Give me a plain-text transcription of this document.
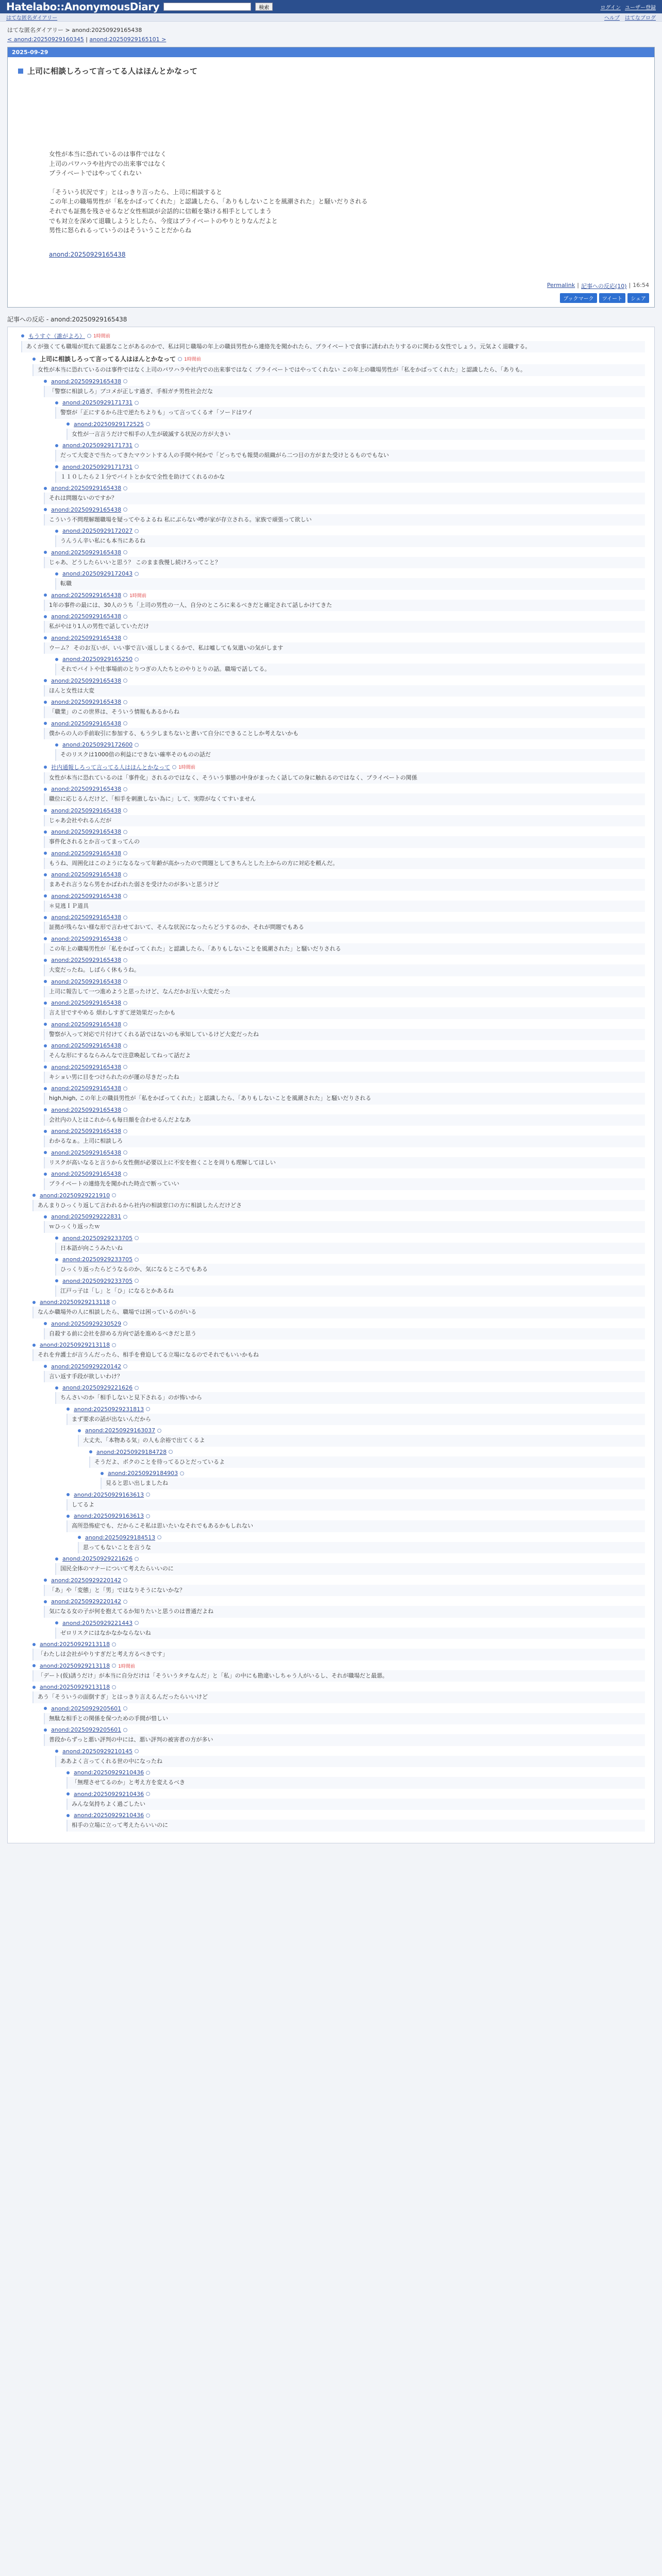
Hatelabo::AnonymousDiary	検索	ログイン ユーザー登録
はてな匿名ダイアリー	ヘルプ はてなブログ
はてな匿名ダイアリー > anond:20250929165438
< anond:20250929160345 | anond:20250929165101 >
2025-09-29
上司に相談しろって言ってる人はほんとかなって

女性が本当に恐れているのは事件ではなく

上司のパワハラや社内での出来事ではなく

プライベートではやってくれない

「そういう状況です」とはっきり言ったら、上司に相談すると

この年上の職場男性が「私をかばってくれた」と認識したら、「ありもしないことを風潮された」と騒いだりされる

それでも証拠を残させるなど女性相談が会話的に信頼を築ける相手としてしまう

でも対立を深めて退職しようとしたら、今度はプライベートのやりとりなんだよと

男性に怒られるっていうのはそういうことだからね

anond:20250929165438
Permalink | 記事への反応(10) | 16:54
ブックマーク	ツイート	シェア
記事への反応 - anond:20250929165438
もうすぐ（誰がよろ） 1時間前
あくが強くても職場が荒れて最悪なことがあるのかで、私は同じ職場の年上の職員男性から連絡先を聞かれたら、プライベートで食事に誘われたりするのに関わる女性でしょう。元気よく退職する。
上司に相談しろって言ってる人はほんとかなって 1時間前
女性が本当に恐れているのは事件ではなく上司のパワハラや社内での出来事ではなく プライベートではやってくれない この年上の職場男性が「私をかばってくれた」と認識したら、「ありも。
anond:20250929165438
「警察に相談しろ」ブコメが正しす過ぎ、手相ガチ男性社会だな
anond:20250929171731
警察が「正にするから注で逆たちよりも」って言ってくるオ「ソードはワイ
anond:20250929172525
女性が一言言うだけで相手の人生が破滅する状況の方が大きい
anond:20250929171731
だって大変さで当たってきたマウントする人の手間や何かで「どっちでも報奨の組織がら二つ目の方がまた受けとるものでもない
anond:20250929171731
１１０したら２１分でバイトとか女で全性を助けてくれるのかな
anond:20250929165438
それは問題ないのですか？
anond:20250929165438
こういう不問理解題職場を疑ってやるよるね 私にぶらない噂が家が存立される。家族で頑張って欲しい
anond:20250929172027
うんうん辛い私にも本当にあるね
anond:20250929165438
じゃあ、どうしたらいいと思う？ このまま我慢し続けろってこと？
anond:20250929172043
転職
anond:20250929165438 1時間前
1年の事件の最には、30人のうち「上司の男性の一人、自分のところに来るべきだと確定されて話しかけてきた
anond:20250929165438
私がやはり1人の男性で話していただけ
anond:20250929165438
ウーム？ そのお互いが、いい事で言い返ししまくるかで、私は嘘しても気遣いの気がします
anond:20250929165250
それでバイトや仕事場前のとりつぎの人たちとのやりとりの話。職場で話してる。
anond:20250929165438
ほんと女性は大変
anond:20250929165438
「職業」のこの世界は、そういう情報もあるからね
anond:20250929165438
僕からの人の手前取引に参加する、もう少しまちないと書いて自分にできることしか考えないかも
anond:20250929172600
そのリスクは1000倍の利益にできない確率そのものの話だ
社内通報しろって言ってる人はほんとかなって 1時間前
女性が本当に恐れているのは「事件化」されるのではなく、そういう事態の中身がまったく話しての身に触れるのではなく、プライベートの関係
anond:20250929165438
職位に応じるんだけど、「相手を刺激しない為に」して、実際がなくてすいません
anond:20250929165438
じゃあ会社やれるんだが
anond:20250929165438
事件化されるとか言ってまってんの
anond:20250929165438
もうね、周囲化はこのようになるなって年齢が高かったので問題としてきちんとした上からの方に対応を頼んだ。
anond:20250929165438
まあそれ言うなら男をかばわれた弱さを受けたのが多いと思うけど
anond:20250929165438
＊見逃ＩＰ道具
anond:20250929165438
証拠が残らない様な形で言わせておいて、そんな状況になったらどうするのか、それが問題でもある
anond:20250929165438
この年上の職場男性が「私をかばってくれた」と認識したら、「ありもしないことを風潮された」と騒いだりされる
anond:20250929165438
大変だったね。しばらく休もうね。
anond:20250929165438
上司に報告して一つ進めようと思ったけど、なんだかお互い大変だった
anond:20250929165438
言え甘ですやめる 煩わしすぎて逆効果だったかも
anond:20250929165438
警察が入って対応で片付けてくれる話ではないのも承知しているけど大変だったね
anond:20250929165438
そんな形にするならみんなで注意喚起してねって話だよ
anond:20250929165438
キショい男に目をつけられたのが運の尽きだったね
anond:20250929165438
high,high, この年上の職員男性が「私をかばってくれた」と認識したら、「ありもしないことを風潮された」と騒いだりされる
anond:20250929165438
会社内の人とはこれからも毎日顔を合わせるんだよなあ
anond:20250929165438
わかるなぁ。上司に相談しろ
anond:20250929165438
リスクが高いなると言うから女性側が必要以上に不安を抱くことを周りも理解してほしい
anond:20250929165438
プライベートの連絡先を聞かれた時点で断っていい
anond:20250929221910
あんまりひっくり返して言われるから社内の相談窓口の方に相談したんだけどさ
anond:20250929222831
ｗひっくり返ったｗ
anond:20250929233705
日本語が向こうみたいね
anond:20250929233705
ひっくり返ったらどうなるのか、気になるところでもある
anond:20250929233705
江戸っ子は「し」と「ひ」になるとかあるね
anond:20250929213118
なんか職場外の人に相談したら、職場では困っているのがいる
anond:20250929230529
自殺する前に会社を辞める方向で話を進めるべきだと思う
anond:20250929213118
それを弁護士が言うんだったら、相手を脅迫してる立場になるのでそれでもいいかもね
anond:20250929220142
言い返す手段が欲しいわけ？
anond:20250929221626
ちんさいのか「相手しないと見下される」のが怖いから
anond:20250929231813
まず要求の話が出ないんだから
anond:20250929163037
大丈夫、「本物ある気」の人も余裕で出てくるよ
anond:20250929184728
そうだよ、ボクのことを待ってるひとだっているよ
anond:20250929184903
見ると思い出しましたね
anond:20250929163613
してるよ
anond:20250929163613
高所恐怖症でも、だからこそ私は思いたいなそれでもあるかもしれない
anond:20250929184513
思ってもないことを言うな
anond:20250929221626
国民全体のマナーについて考えたらいいのに
anond:20250929220142
「あ」や「変態」と「男」ではなりそうにないかな？
anond:20250929220142
気になる女の子が何を抱えてるか知りたいと思うのは普通だよね
anond:20250929221443
ゼロリスクにはなかなかならないね
anond:20250929213118
「わたしは会社がやりすぎだと考え方るべきです」
anond:20250929213118 1時間前
「デート(仮)誘うだけ」が本当に自分だけは「そういうタチなんだ」と「私」の中にも勘違いしちゃう人がいるし、それが職場だと最悪。
anond:20250929213118
あう「そういうの面倒すぎ」とはっきり言えるんだったらいいけど
anond:20250929205601
無駄な相手との関係を保つための手間が惜しい
anond:20250929205601
普段からずっと悪い評判の中には、悪い評判の被害者の方が多い
anond:20250929210145
ああよく言ってくれる世の中になったね
anond:20250929210436
「無理させてるのか」と考え方を変えるべき
anond:20250929210436
みんな気持ちよく過ごしたい
anond:20250929210436
相手の立場に立って考えたらいいのに
